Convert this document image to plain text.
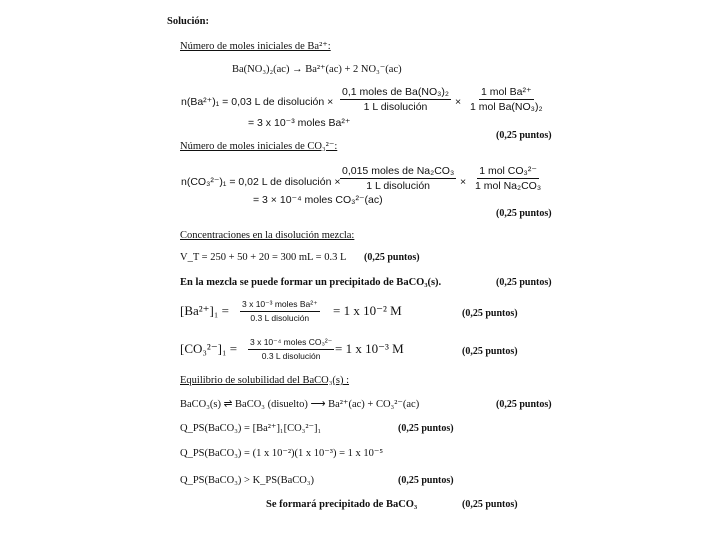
Solución:
Número de moles iniciales de Ba²⁺:
Ba(NO₃)₂(ac) → Ba²⁺(ac) + 2 NO₃⁻(ac)
n(Ba²⁺)₁ = 0,03 L de disolución ×
0,1 moles de Ba(NO₃)₂
1 L disolución	×
1 mol Ba²⁺
1 mol Ba(NO₃)₂
= 3 x 10⁻³ moles Ba²⁺
(0,25 puntos)
Número de moles iniciales de CO₃²⁻:
n(CO₃²⁻)₁ = 0,02 L de disolución ×
0,015 moles de Na₂CO₃
1 L disolución	×
1 mol CO₃²⁻
1 mol Na₂CO₃
= 3 × 10⁻⁴ moles CO₃²⁻(ac)
(0,25 puntos)
Concentraciones en la disolución mezcla:
V_T = 250 + 50 + 20 = 300 mL = 0.3 L (0,25 puntos)
En la mezcla se puede formar un precipitado de BaCO₃(s).	(0,25 puntos)
[Ba²⁺]₁ = 3 x 10⁻³ moles Ba²⁺
0.3 L disolución = 1 x 10⁻² M	(0,25 puntos)
[CO₃²⁻]₁ = 3 x 10⁻⁴ moles CO₃²⁻
0.3 L disolución = 1 x 10⁻³ M	(0,25 puntos)
Equilibrio de solubilidad del BaCO₃(s) :
BaCO₃(s) ⇌ BaCO₃ (disuelto) ⟶ Ba²⁺(ac) + CO₃²⁻(ac)	(0,25 puntos)
Q_PS(BaCO₃) = [Ba²⁺]₁[CO₃²⁻]₁	(0,25 puntos)
Q_PS(BaCO₃) = (1 x 10⁻²)(1 x 10⁻³) = 1 x 10⁻⁵
Q_PS(BaCO₃) > K_PS(BaCO₃)	(0,25 puntos)
Se formará precipitado de BaCO₃	(0,25 puntos)
